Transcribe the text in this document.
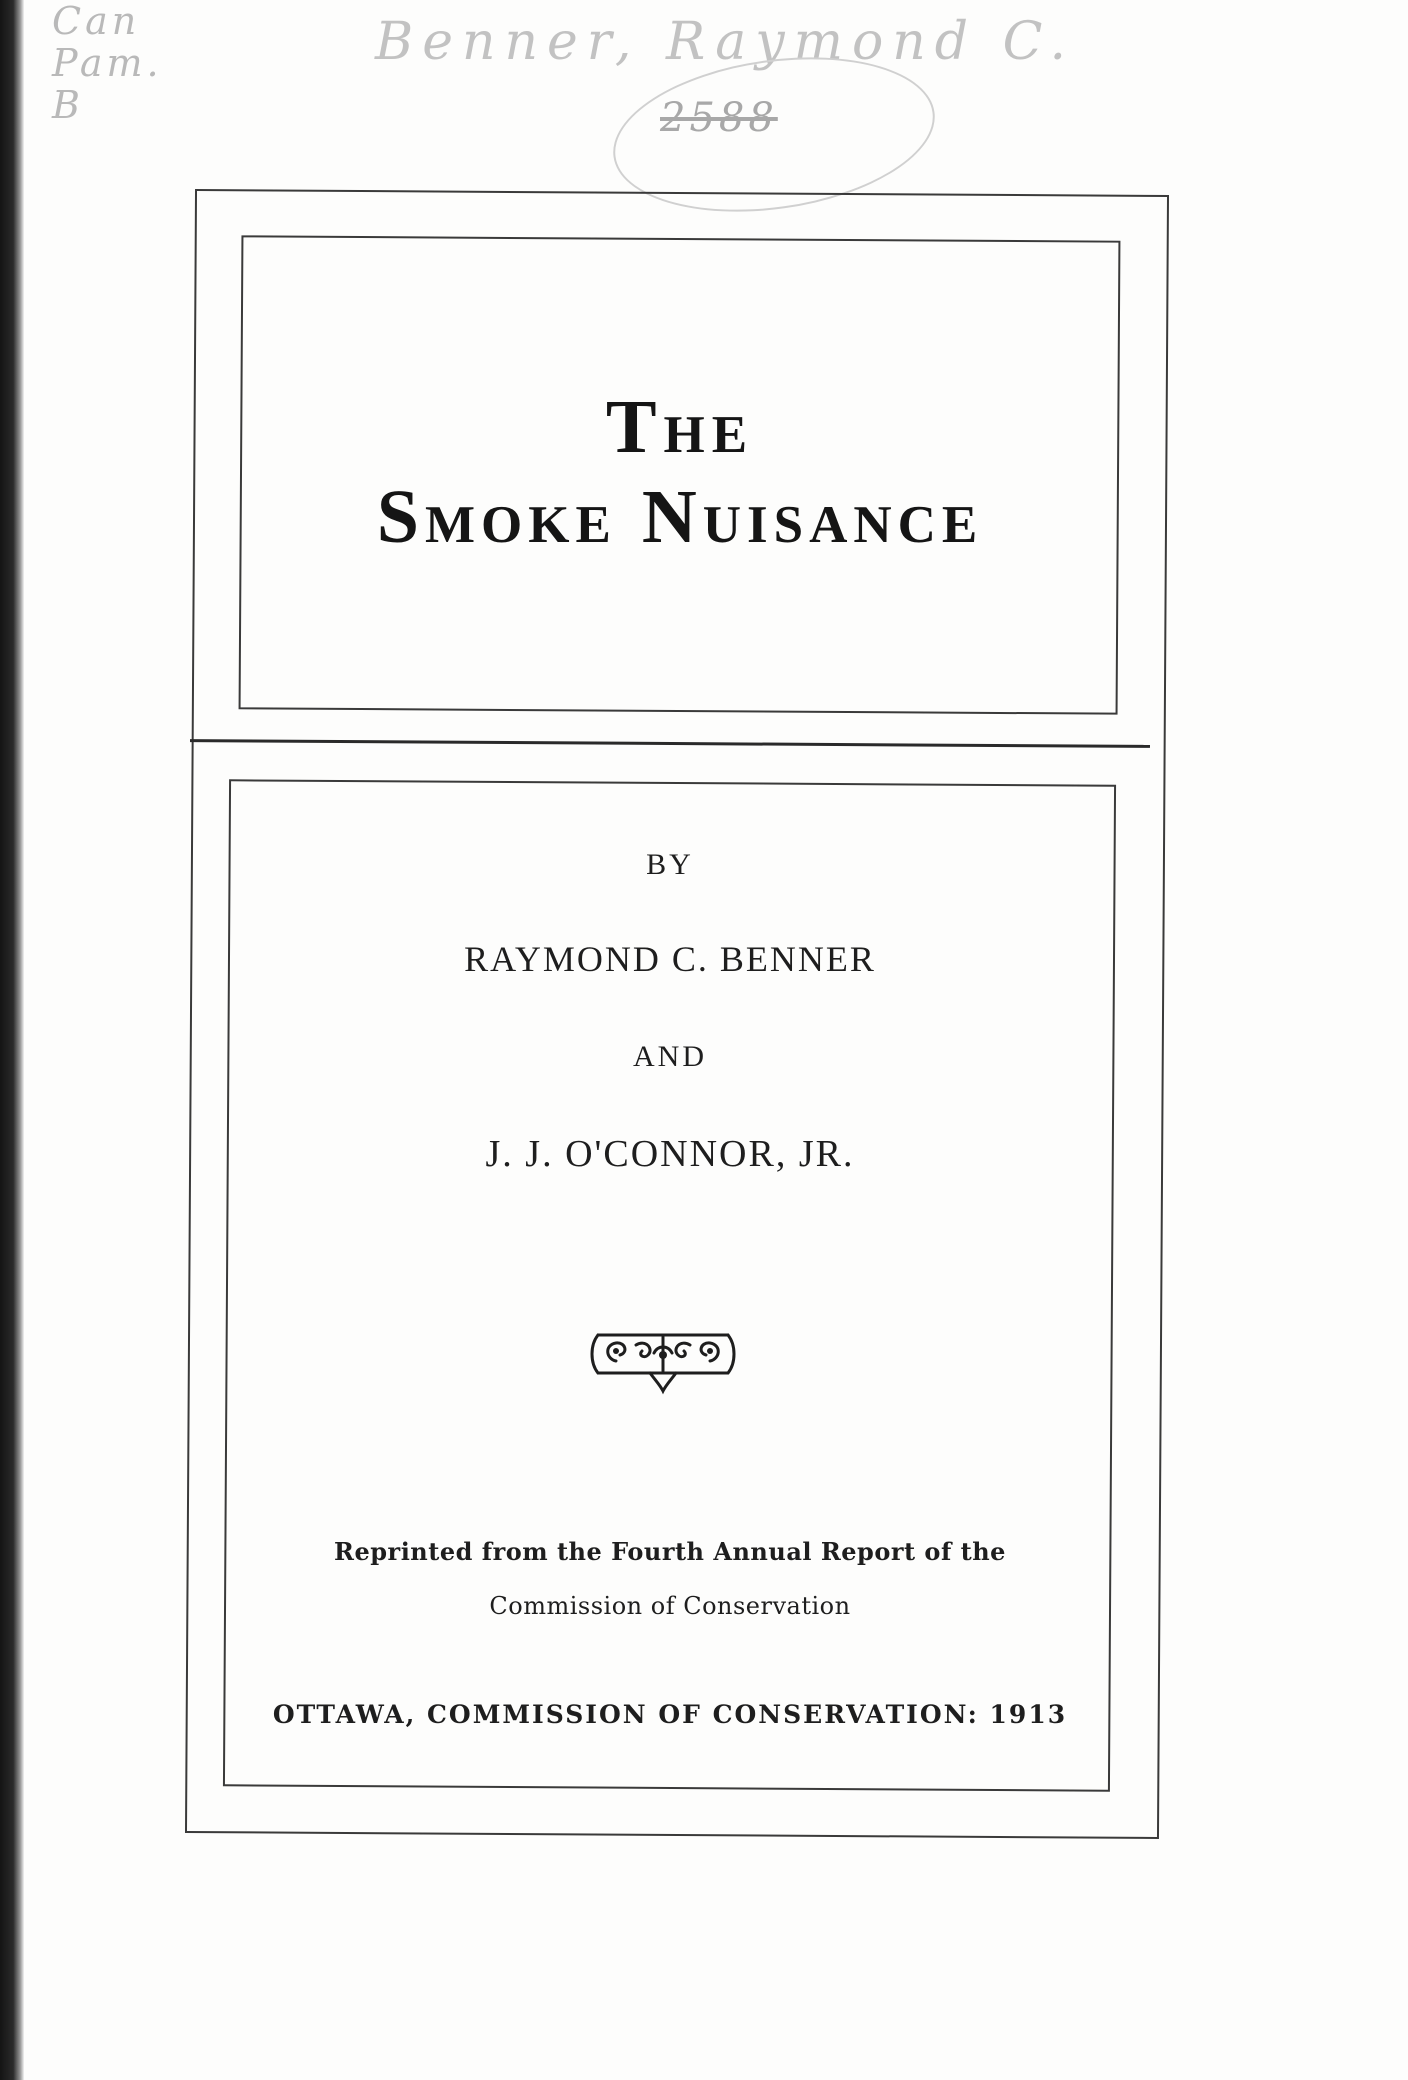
Can
Pam.
B
Benner, Raymond C.
2588
The
Smoke Nuisance
BY
RAYMOND C. BENNER
AND
J. J. O'CONNOR, JR.
Reprinted from the Fourth Annual Report of the
Commission of Conservation
OTTAWA, COMMISSION OF CONSERVATION: 1913
